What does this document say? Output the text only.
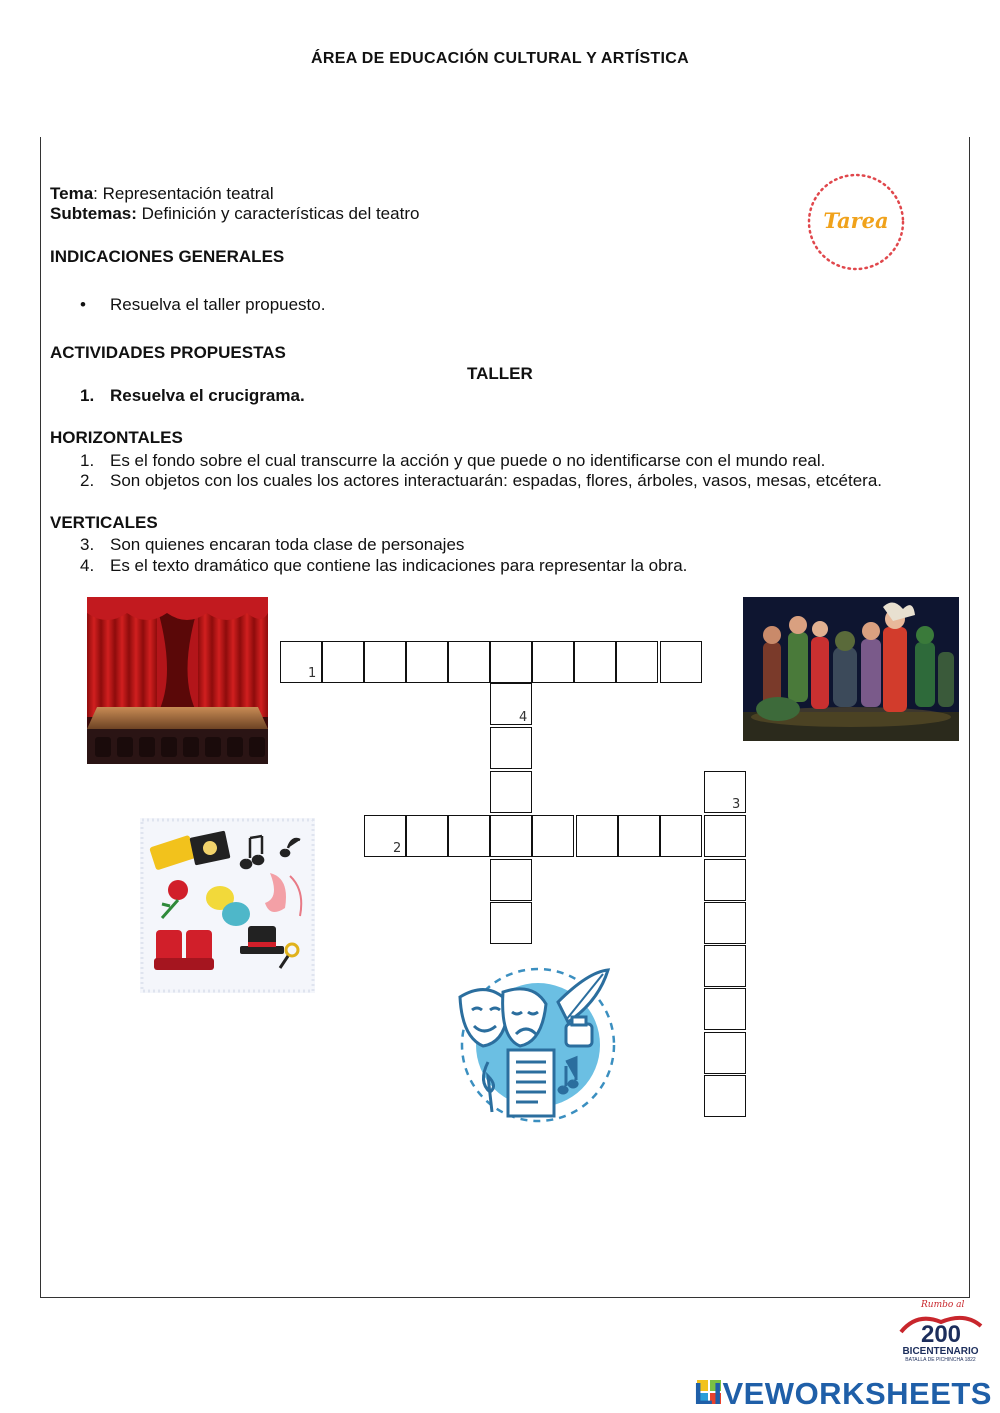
ÁREA DE EDUCACIÓN CULTURAL Y ARTÍSTICA
Tema: Representación teatral
Subtemas: Definición y características del teatro	Tarea
INDICACIONES GENERALES
• Resuelva el taller propuesto.
ACTIVIDADES PROPUESTAS
TALLER
1. Resuelva el crucigrama.
HORIZONTALES
1. Es el fondo sobre el cual transcurre la acción y que puede o no identificarse con el mundo real.
2. Son objetos con los cuales los actores interactuarán: espadas, flores, árboles, vasos, mesas, etcétera.
VERTICALES
3. Son quienes encaran toda clase de personajes
4. Es el texto dramático que contiene las indicaciones para representar la obra.
1
4
3
2
Rumbo al
200
BICENTENARIO
BATALLA DE PICHINCHA 1822
LIVEWORKSHEETS
